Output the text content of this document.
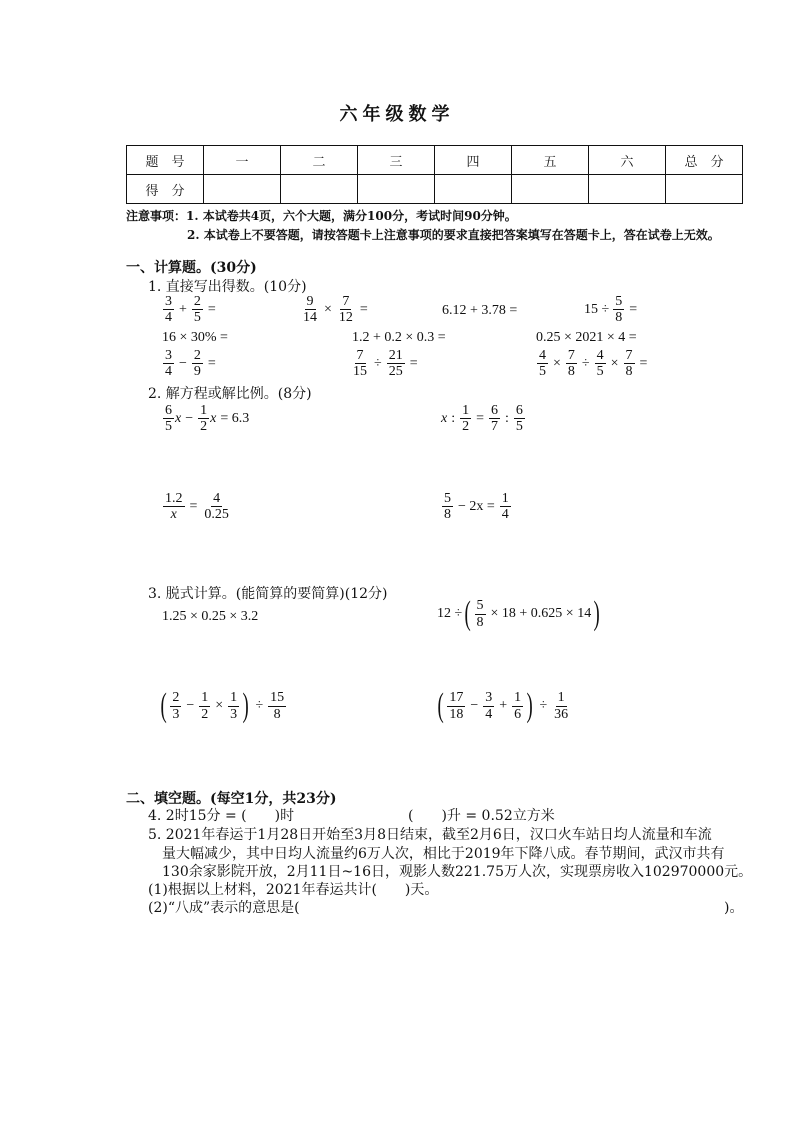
六年级数学
题　号	一	二	三	四	五	六	总　分
得　分							
注意事项：1. 本试卷共4页，六个大题，满分100分，考试时间90分钟。
2. 本试卷上不要答题，请按答题卡上注意事项的要求直接把答案填写在答题卡上，答在试卷上无效。
一、计算题。(30分)
1. 直接写出得数。(10分)
$\frac{3}{4} + \frac{2}{5}$ =	$\frac{9}{14} \times \frac{7}{12}$ =	6.12 + 3.78 =	$15 \div \frac{5}{8}$ =
16 × 30% =	1.2 + 0.2 × 0.3 =	0.25 × 2021 × 4 =
$\frac{3}{4} - \frac{2}{9}$ =	$\frac{7}{15} \div \frac{21}{25}$ =	$\frac{4}{5} \times \frac{7}{8} \div \frac{4}{5} \times \frac{7}{8}$ =
2. 解方程或解比例。(8分)
$\frac{6}{5}$ $x - \frac{1}{2}$ x = 6.3	x : $\frac{1}{2} = \frac{6}{7}$ : $\frac{6}{5}$
$\frac{1.2}{x} = \frac{4}{0.25}$	$\frac{5}{8} - 2x = \frac{1}{4}$
3. 脱式计算。(能简算的要简算)(12分)
1.25 × 0.25 × 3.2	12 ÷ ( $\frac{5}{8} \times 18 + 0.625 \times 14$ )
( $\frac{2}{3} - \frac{1}{2} \times \frac{1}{3}$ ) ÷ $\frac{15}{8}$	( $\frac{17}{18} - \frac{3}{4} + \frac{1}{6}$ ) ÷ $\frac{1}{36}$
二、填空题。(每空1分，共23分)
4. 2时15分 = (　　)时	(　　)升 = 0.52立方米
5. 2021年春运于1月28日开始至3月8日结束，截至2月6日，汉口火车站日均人流量和车流
量大幅减少，其中日均人流量约6万人次，相比于2019年下降八成。春节期间，武汉市共有
130余家影院开放，2月11日~16日，观影人数221.75万人次，实现票房收入102970000元。
(1)根据以上材料，2021年春运共计(　　)天。
(2)“八成”表示的意思是(	)。
